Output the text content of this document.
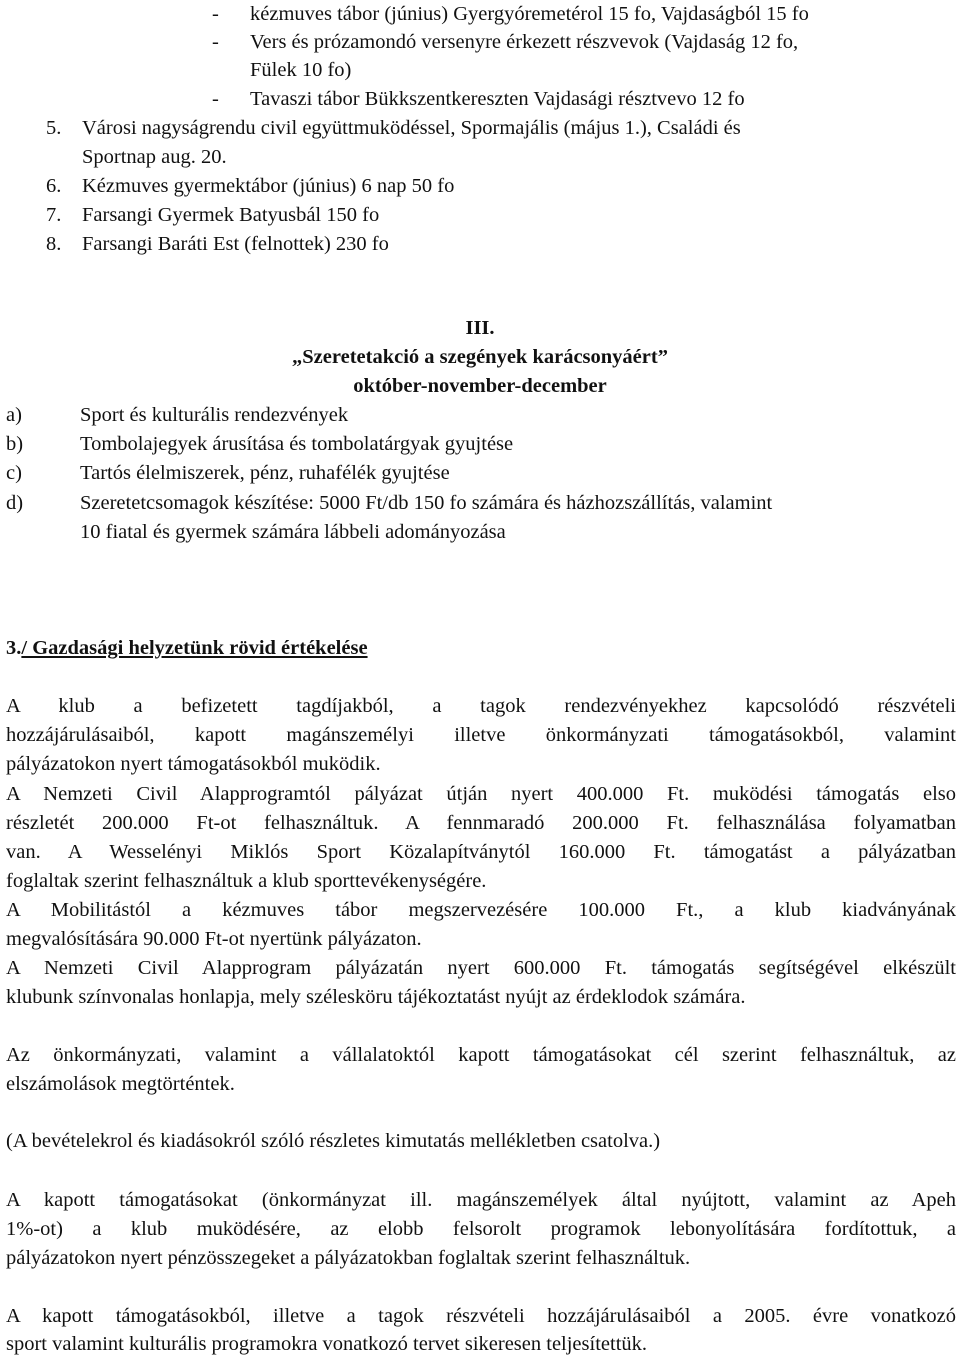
- kézmuves tábor (június) Gyergyóremetérol 15 fo, Vajdaságból 15 fo
- Vers és prózamondó versenyre érkezett részvevok (Vajdaság 12 fo,
Fülek 10 fo)
- Tavaszi tábor Bükkszentkereszten Vajdasági résztvevo 12 fo
5. Városi nagyságrendu civil együttmuködéssel, Spormajális (május 1.), Családi és
Sportnap aug. 20.
6. Kézmuves gyermektábor (június) 6 nap 50 fo
7. Farsangi Gyermek Batyusbál 150 fo
8. Farsangi Baráti Est (felnottek) 230 fo
III.
„Szeretetakció a szegények karácsonyáért”
október-november-december
a)	Sport és kulturális rendezvények
b)	Tombolajegyek árusítása és tombolatárgyak gyujtése
c)	Tartós élelmiszerek, pénz, ruhafélék gyujtése
d)	Szeretetcsomagok készítése: 5000 Ft/db 150 fo számára és házhozszállítás, valamint
10 fiatal és gyermek számára lábbeli adományozása
3./ Gazdasági helyzetünk rövid értékelése
A klub a befizetett tagdíjakból, a tagok rendezvényekhez kapcsolódó részvételi
hozzájárulásaiból, kapott magánszemélyi illetve önkormányzati támogatásokból, valamint
pályázatokon nyert támogatásokból muködik.
A Nemzeti Civil Alapprogramtól pályázat útján nyert 400.000 Ft. muködési támogatás elso
részletét 200.000 Ft-ot felhasználtuk. A fennmaradó 200.000 Ft. felhasználása folyamatban
van. A Wesselényi Miklós Sport Közalapítványtól 160.000 Ft. támogatást a pályázatban
foglaltak szerint felhasználtuk a klub sporttevékenységére.
A Mobilitástól a kézmuves tábor megszervezésére 100.000 Ft., a klub kiadványának
megvalósítására 90.000 Ft-ot nyertünk pályázaton.
A Nemzeti Civil Alapprogram pályázatán nyert 600.000 Ft. támogatás segítségével elkészült
klubunk színvonalas honlapja, mely szélesköru tájékoztatást nyújt az érdeklodok számára.
Az önkormányzati, valamint a vállalatoktól kapott támogatásokat cél szerint felhasználtuk, az
elszámolások megtörténtek.
(A bevételekrol és kiadásokról szóló részletes kimutatás mellékletben csatolva.)
A kapott támogatásokat (önkormányzat ill. magánszemélyek által nyújtott, valamint az Apeh
1%-ot) a klub muködésére, az elobb felsorolt programok lebonyolítására fordítottuk, a
pályázatokon nyert pénzösszegeket a pályázatokban foglaltak szerint felhasználtuk.
A kapott támogatásokból, illetve a tagok részvételi hozzájárulásaiból a 2005. évre vonatkozó
sport valamint kulturális programokra vonatkozó tervet sikeresen teljesítettük.
